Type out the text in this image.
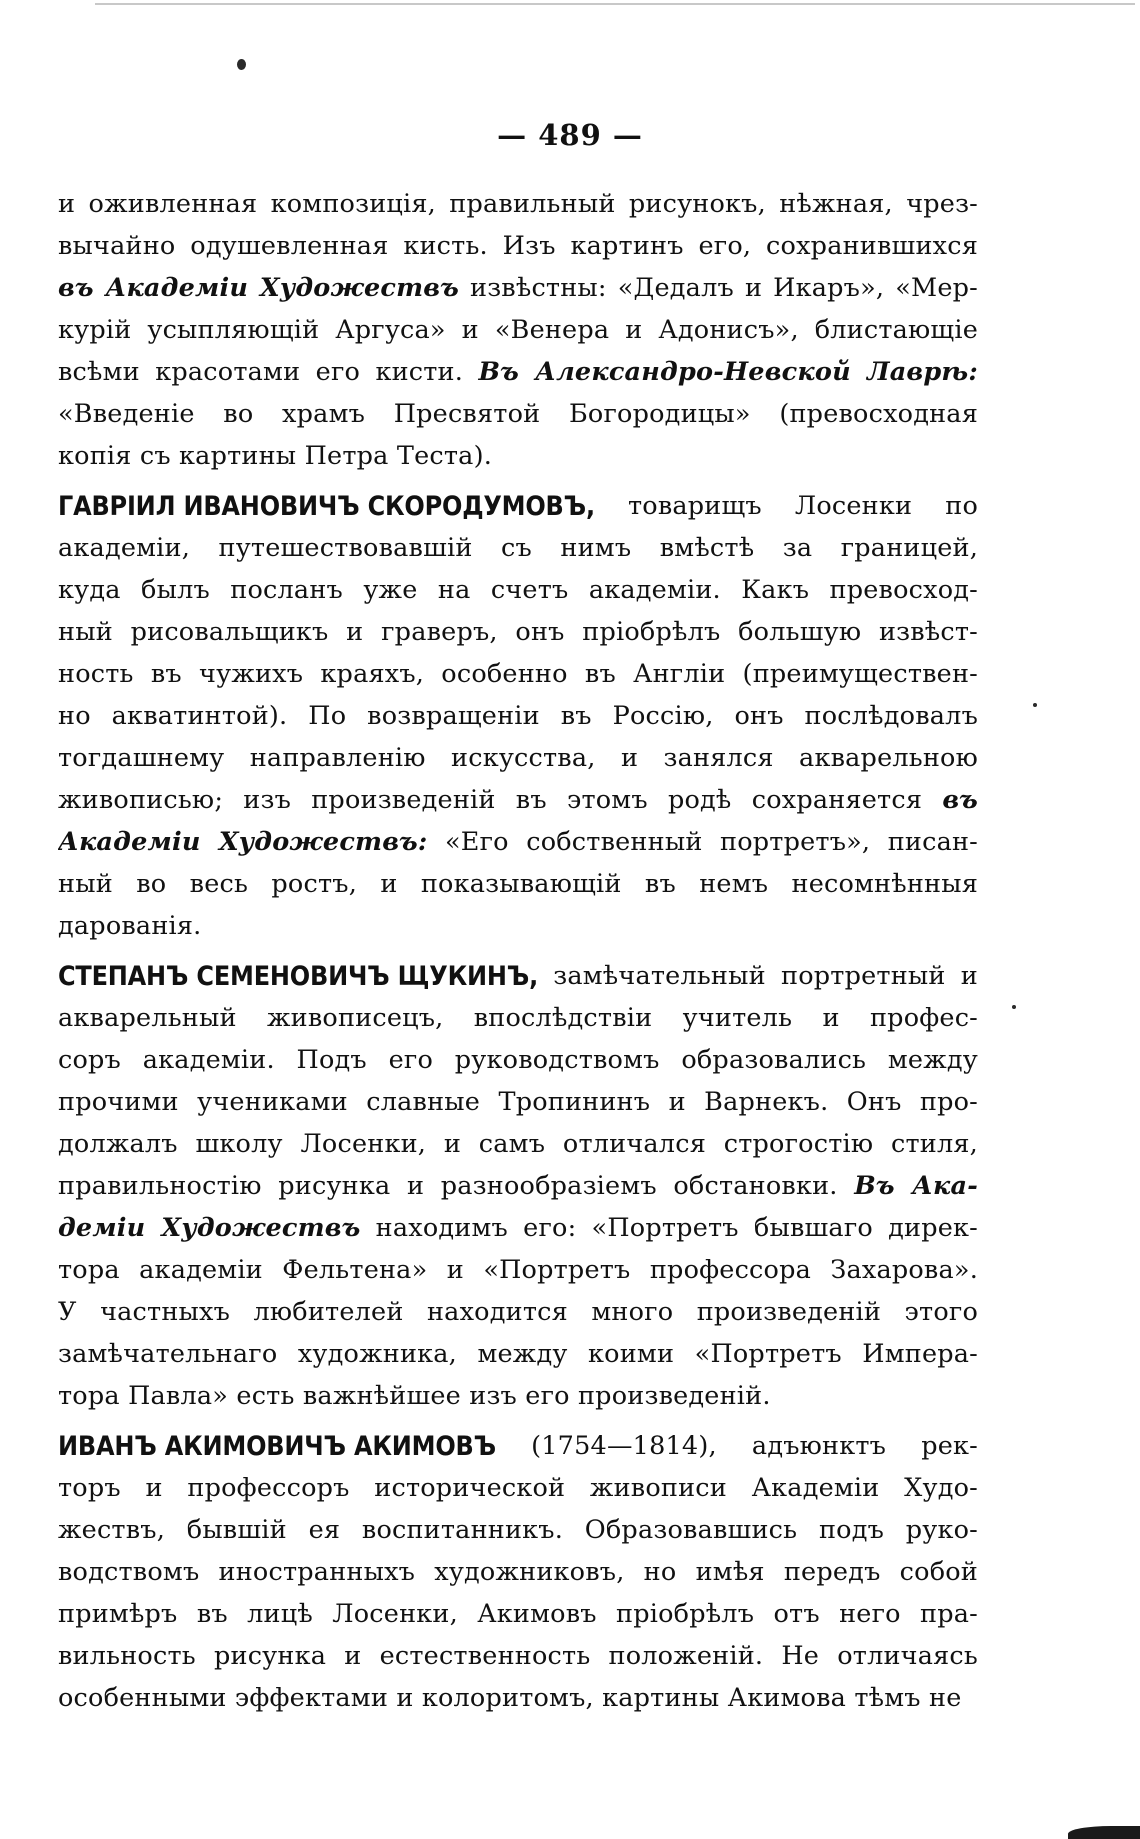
— 489 —
и оживленная композиція, правильный рисунокъ, нѣжная, чрез-
вычайно одушевленная кисть. Изъ картинъ его, сохранившихся
въ Академіи Художествъ извѣстны: «Дедалъ и Икаръ», «Мер-
курій усыпляющій Аргуса» и «Венера и Адонисъ», блистающіе
всѣми красотами его кисти. Въ Александро-Невской Лаврѣ:
«Введеніе во храмъ Пресвятой Богородицы» (превосходная
копія съ картины Петра Теста).
ГАВРІИЛ ИВАНОВИЧЪ СКОРОДУМОВЪ, товарищъ Лосенки по
академіи, путешествовавшій съ нимъ вмѣстѣ за границей,
куда былъ посланъ уже на счетъ академіи. Какъ превосход-
ный рисовальщикъ и граверъ, онъ пріобрѣлъ большую извѣст-
ность въ чужихъ краяхъ, особенно въ Англіи (преимуществен-
но акватинтой). По возвращеніи въ Россію, онъ послѣдовалъ
тогдашнему направленію искусства, и занялся акварельною
живописью; изъ произведеній въ этомъ родѣ сохраняется въ
Академіи Художествъ: «Его собственный портретъ», писан-
ный во весь ростъ, и показывающій въ немъ несомнѣнныя
дарованія.
СТЕПАНЪ СЕМЕНОВИЧЪ ЩУКИНЪ, замѣчательный портретный и
акварельный живописецъ, впослѣдствіи учитель и профес-
соръ академіи. Подъ его руководствомъ образовались между
прочими учениками славные Тропининъ и Варнекъ. Онъ про-
должалъ школу Лосенки, и самъ отличался строгостію стиля,
правильностію рисунка и разнообразіемъ обстановки. Въ Ака-
деміи Художествъ находимъ его: «Портретъ бывшаго дирек-
тора академіи Фельтена» и «Портретъ профессора Захарова».
У частныхъ любителей находится много произведеній этого
замѣчательнаго художника, между коими «Портретъ Импера-
тора Павла» есть важнѣйшее изъ его произведеній.
ИВАНЪ АКИМОВИЧЪ АКИМОВЪ (1754—1814), адъюнктъ рек-
торъ и профессоръ исторической живописи Академіи Худо-
жествъ, бывшій ея воспитанникъ. Образовавшись подъ руко-
водствомъ иностранныхъ художниковъ, но имѣя передъ собой
примѣръ въ лицѣ Лосенки, Акимовъ пріобрѣлъ отъ него пра-
вильность рисунка и естественность положеній. Не отличаясь
особенными эффектами и колоритомъ, картины Акимова тѣмъ не
